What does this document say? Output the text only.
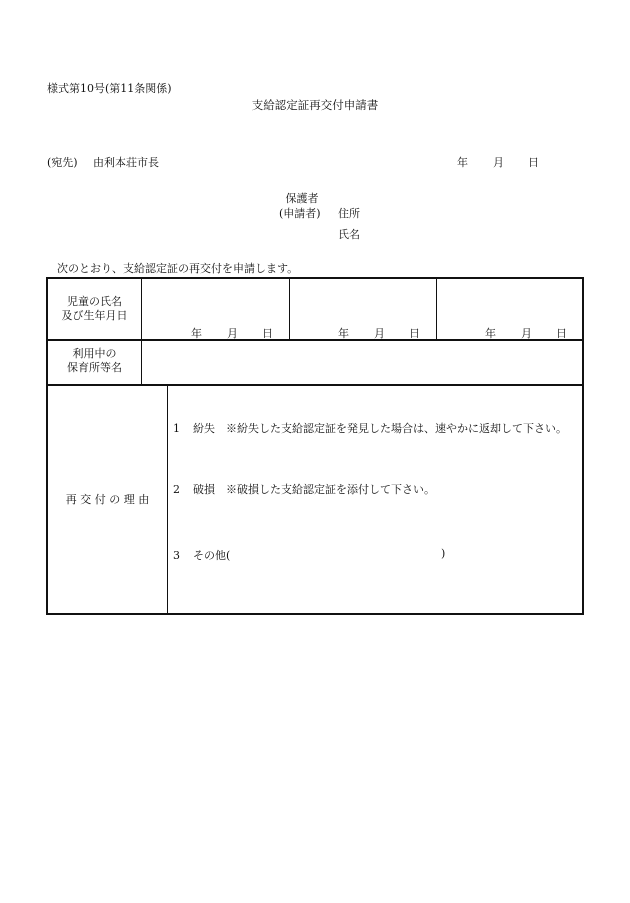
様式第10号(第11条関係)
支給認定証再交付申請書
(宛先) 由利本荘市長	年 月 日
保護者
(申請者) 住所
氏名
次のとおり、支給認定証の再交付を申請します。
児童の氏名
及び生年月日
年 月 日	年 月 日	年 月 日
利用中の
保育所等名
再 交 付 の 理 由
1 紛失　※紛失した支給認定証を発見した場合は、速やかに返却して下さい。
2 破損　※破損した支給認定証を添付して下さい。
3 その他(	)
